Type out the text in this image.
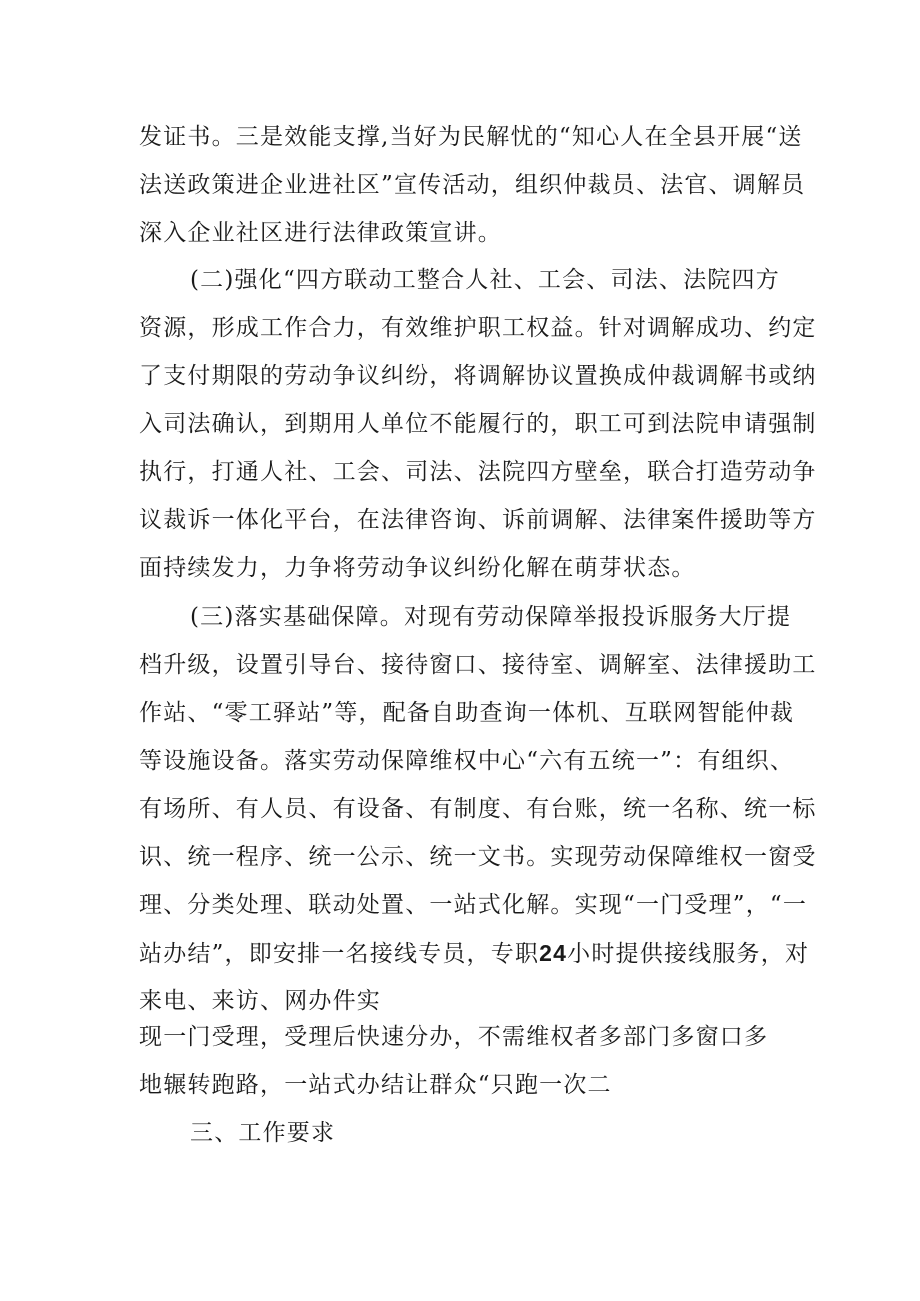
发证书。三是效能支撑,当好为民解忧的“知心人在全县开展“送
法送政策进企业进社区”宣传活动，组织仲裁员、法官、调解员
深入企业社区进行法律政策宣讲。
(二)强化“四方联动工整合人社、工会、司法、法院四方
资源，形成工作合力，有效维护职工权益。针对调解成功、约定
了支付期限的劳动争议纠纷，将调解协议置换成仲裁调解书或纳
入司法确认，到期用人单位不能履行的，职工可到法院申请强制
执行，打通人社、工会、司法、法院四方壁垒，联合打造劳动争
议裁诉一体化平台，在法律咨询、诉前调解、法律案件援助等方
面持续发力，力争将劳动争议纠纷化解在萌芽状态。
(三)落实基础保障。对现有劳动保障举报投诉服务大厅提
档升级，设置引导台、接待窗口、接待室、调解室、法律援助工
作站、“零工驿站”等，配备自助查询一体机、互联网智能仲裁
等设施设备。落实劳动保障维权中心“六有五统一”：有组织、
有场所、有人员、有设备、有制度、有台账，统一名称、统一标
识、统一程序、统一公示、统一文书。实现劳动保障维权一窗受
理、分类处理、联动处置、一站式化解。实现“一门受理”，“一
站办结”，即安排一名接线专员，专职24小时提供接线服务，对
来电、来访、网办件实
现一门受理，受理后快速分办，不需维权者多部门多窗口多
地辗转跑路，一站式办结让群众“只跑一次二
三、工作要求
